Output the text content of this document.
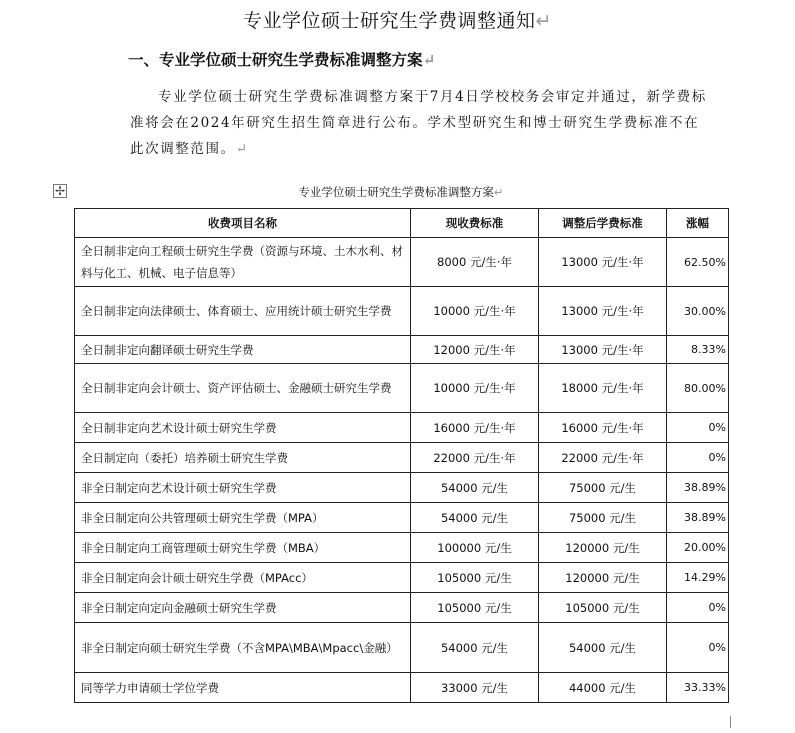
专业学位硕士研究生学费调整通知↵
一、专业学位硕士研究生学费标准调整方案↵
专业学位硕士研究生学费标准调整方案于7月4日学校校务会审定并通过，新学费标准将会在2024年研究生招生简章进行公布。学术型研究生和博士研究生学费标准不在此次调整范围。↵
✢	专业学位硕士研究生学费标准调整方案↵
收费项目名称	现收费标准	调整后学费标准	涨幅
全日制非定向工程硕士研究生学费（资源与环境、土木水利、材料与化工、机械、电子信息等）	8000 元/生·年	13000 元/生·年	62.50%
全日制非定向法律硕士、体育硕士、应用统计硕士研究生学费	10000 元/生·年	13000 元/生·年	30.00%
全日制非定向翻译硕士研究生学费	12000 元/生·年	13000 元/生·年	8.33%
全日制非定向会计硕士、资产评估硕士、金融硕士研究生学费	10000 元/生·年	18000 元/生·年	80.00%
全日制非定向艺术设计硕士研究生学费	16000 元/生·年	16000 元/生·年	0%
全日制定向（委托）培养硕士研究生学费	22000 元/生·年	22000 元/生·年	0%
非全日制定向艺术设计硕士研究生学费	54000 元/生	75000 元/生	38.89%
非全日制定向公共管理硕士研究生学费（MPA）	54000 元/生	75000 元/生	38.89%
非全日制定向工商管理硕士研究生学费（MBA）	100000 元/生	120000 元/生	20.00%
非全日制定向会计硕士研究生学费（MPAcc）	105000 元/生	120000 元/生	14.29%
非全日制定向定向金融硕士研究生学费	105000 元/生	105000 元/生	0%
非全日制定向硕士研究生学费（不含MPA\MBA\Mpacc\金融）	54000 元/生	54000 元/生	0%
同等学力申请硕士学位学费	33000 元/生	44000 元/生	33.33%
